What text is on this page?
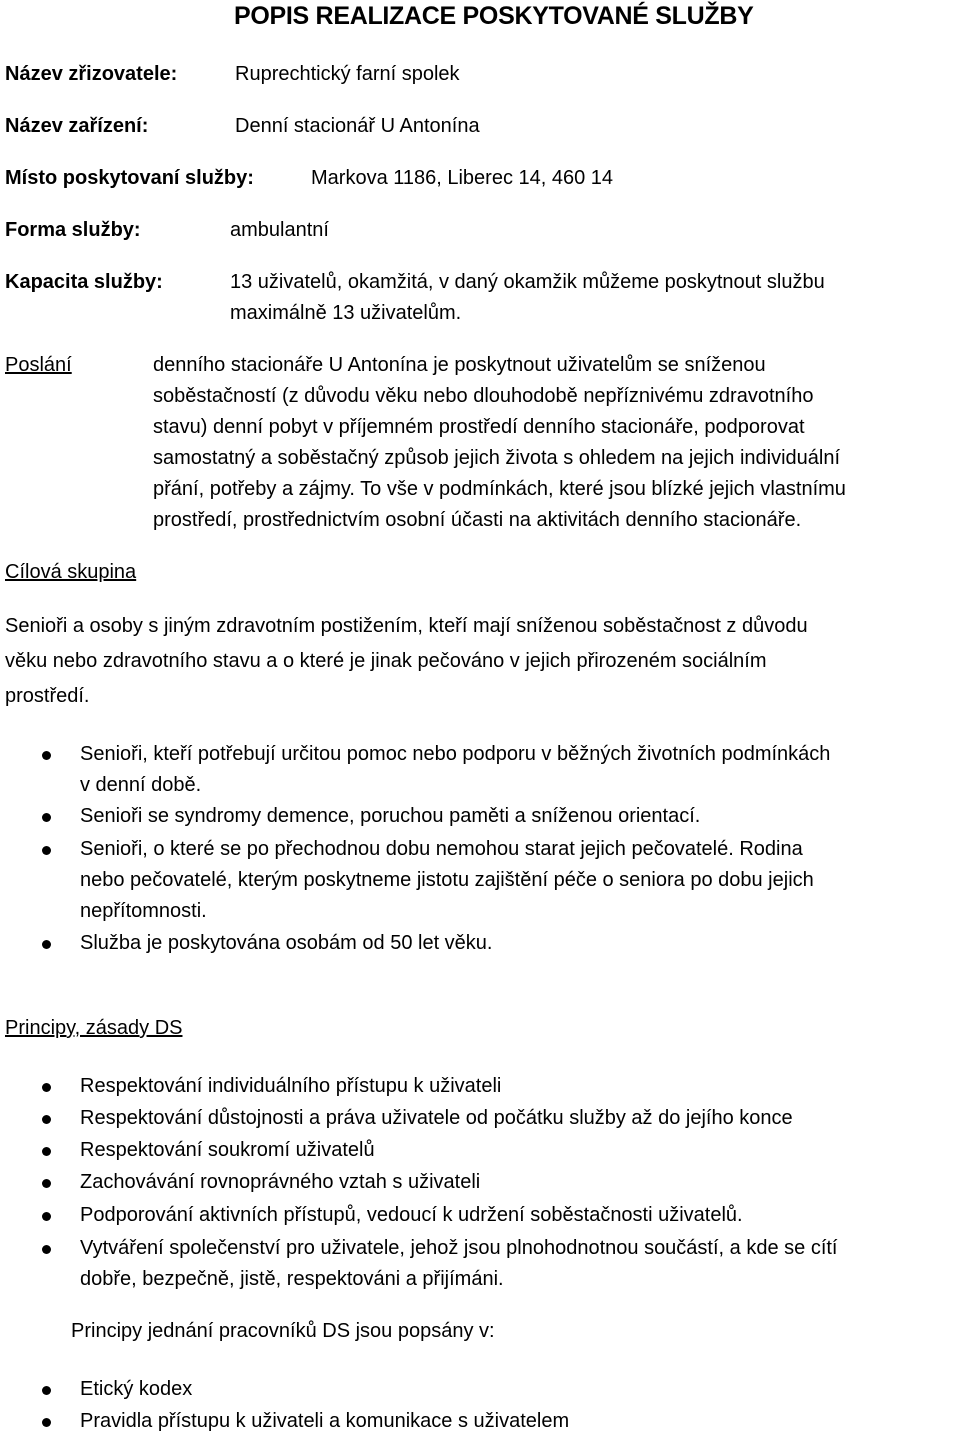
POPIS REALIZACE POSKYTOVANÉ SLUŽBY
Název zřizovatele:	Ruprechtický farní spolek
Název zařízení:	Denní stacionář U Antonína
Místo poskytovaní služby:	Markova 1186, Liberec 14, 460 14
Forma služby:	ambulantní
Kapacita služby:	13 uživatelů, okamžitá, v daný okamžik můžeme poskytnout službu
maximálně 13 uživatelům.
Poslání	denního stacionáře U Antonína je poskytnout uživatelům se sníženou
soběstačností (z důvodu věku nebo dlouhodobě nepříznivému zdravotního
stavu) denní pobyt v příjemném prostředí denního stacionáře, podporovat
samostatný a soběstačný způsob jejich života s ohledem na jejich individuální
přání, potřeby a zájmy. To vše v podmínkách, které jsou blízké jejich vlastnímu
prostředí, prostřednictvím osobní účasti na aktivitách denního stacionáře.
Cílová skupina
Senioři a osoby s jiným zdravotním postižením, kteří mají sníženou soběstačnost z důvodu
věku nebo zdravotního stavu a o které je jinak pečováno v jejich přirozeném sociálním
prostředí.
Senioři, kteří potřebují určitou pomoc nebo podporu v běžných životních podmínkách
v denní době.
Senioři se syndromy demence, poruchou paměti a sníženou orientací.
Senioři, o které se po přechodnou dobu nemohou starat jejich pečovatelé. Rodina
nebo pečovatelé, kterým poskytneme jistotu zajištění péče o seniora po dobu jejich
nepřítomnosti.
Služba je poskytována osobám od 50 let věku.
Principy, zásady DS
Respektování individuálního přístupu k uživateli
Respektování důstojnosti a práva uživatele od počátku služby až do jejího konce
Respektování soukromí uživatelů
Zachovávání rovnoprávného vztah s uživateli
Podporování aktivních přístupů, vedoucí k udržení soběstačnosti uživatelů.
Vytváření společenství pro uživatele, jehož jsou plnohodnotnou součástí, a kde se cítí
dobře, bezpečně, jistě, respektováni a přijímáni.
Principy jednání pracovníků DS jsou popsány v:
Etický kodex
Pravidla přístupu k uživateli a komunikace s uživatelem
